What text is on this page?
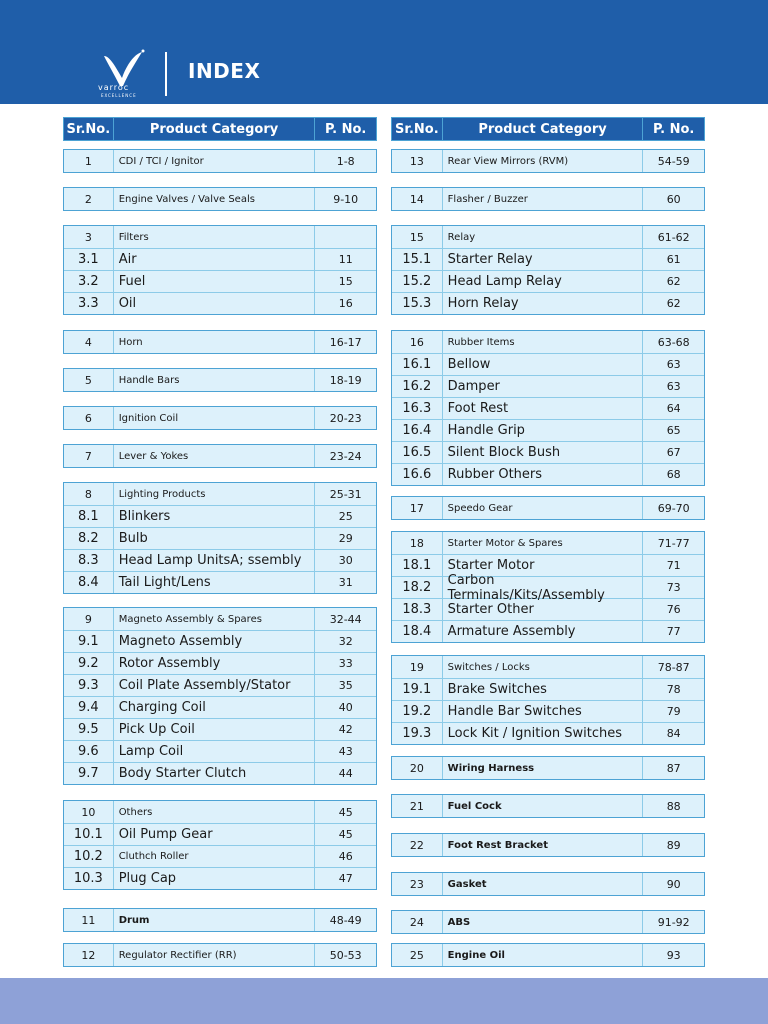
varroc
EXCELLENCE
INDEX
Sr.No.	Product Category	P. No.
1	CDI / TCI / Ignitor	1-8
2	Engine Valves / Valve Seals	9-10
3	Filters
3.1	Air	11
3.2	Fuel	15
3.3	Oil	16
4	Horn	16-17
5	Handle Bars	18-19
6	Ignition Coil	20-23
7	Lever & Yokes	23-24
8	Lighting Products	25-31
8.1	Blinkers	25
8.2	Bulb	29
8.3	Head Lamp UnitsA; ssembly	30
8.4	Tail Light/Lens	31
9	Magneto Assembly & Spares	32-44
9.1	Magneto Assembly	32
9.2	Rotor Assembly	33
9.3	Coil Plate Assembly/Stator	35
9.4	Charging Coil	40
9.5	Pick Up Coil	42
9.6	Lamp Coil	43
9.7	Body Starter Clutch	44
10	Others	45
10.1	Oil Pump Gear	45
10.2	Cluthch Roller	46
10.3	Plug Cap	47
11	Drum	48-49
12	Regulator Rectifier (RR)	50-53
Sr.No.	Product Category	P. No.
13	Rear View Mirrors (RVM)	54-59
14	Flasher / Buzzer	60
15	Relay	61-62
15.1	Starter Relay	61
15.2	Head Lamp Relay	62
15.3	Horn Relay	62
16	Rubber Items	63-68
16.1	Bellow	63
16.2	Damper	63
16.3	Foot Rest	64
16.4	Handle Grip	65
16.5	Silent Block Bush	67
16.6	Rubber Others	68
17	Speedo Gear	69-70
18	Starter Motor & Spares	71-77
18.1	Starter Motor	71
18.2	Carbon Terminals/Kits/Assembly	73
18.3	Starter Other	76
18.4	Armature Assembly	77
19	Switches / Locks	78-87
19.1	Brake Switches	78
19.2	Handle Bar Switches	79
19.3	Lock Kit / Ignition Switches	84
20	Wiring Harness	87
21	Fuel Cock	88
22	Foot Rest Bracket	89
23	Gasket	90
24	ABS	91-92
25	Engine Oil	93
